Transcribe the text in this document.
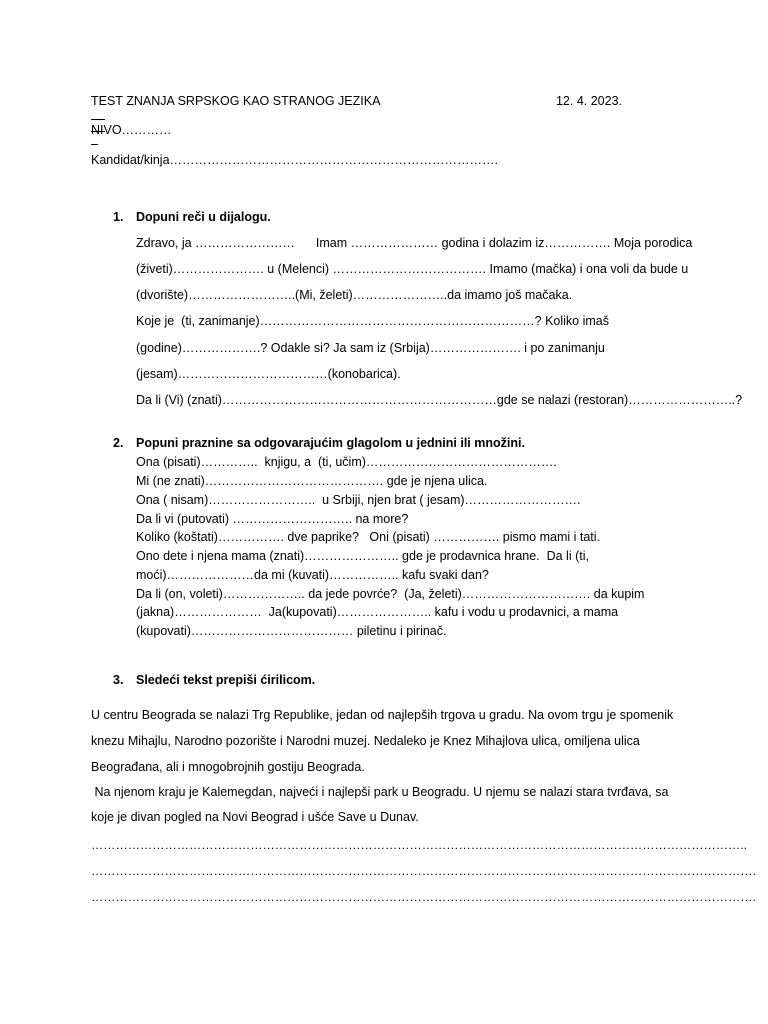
TEST ZNANJA SRPSKOG KAO STRANOG JEZIKA

	12. 4. 2023.

NIVO…………
Kandidat/kinja…………………………………………………………………….
1. Dopuni reči u dijalogu.
Zdravo, ja ……………………      Imam ………………… godina i dolazim iz……………. Moja porodica
(živeti)…………………. u (Melenci) ………………………………. Imamo (mačka) i ona voli da bude u
(dvorište)……………………..(Mi, želeti)…………………..da imamo još mačaka.
Koje je  (ti, zanimanje)…………………………………………………………? Koliko imaš
(godine)……………….? Odakle si? Ja sam iz (Srbija)…………………. i po zanimanju
(jesam)………………………………(konobarica).
Da li (Vi) (znati)…………………………………………………………gde se nalazi (restoran)……………………..?
2. Popuni praznine sa odgovarajućim glagolom u jednini ili množini.
Ona (pisati)…………..  knjigu, a  (ti, učim)……………………………………….
Mi (ne znati)……………………………………. gde je njena ulica.
Ona ( nisam)……………………..  u Srbiji, njen brat ( jesam)……………………….
Da li vi (putovati) ……………………….. na more?
Koliko (koštati)……………. dve paprike?   Oni (pisati) ……………. pismo mami i tati.
Ono dete i njena mama (znati)………………….. gde je prodavnica hrane.  Da li (ti,
moći)…………………da mi (kuvati)…………….. kafu svaki dan?
Da li (on, voleti)……………….. da jede povrće?  (Ja, želeti)…………………………. da kupim
(jakna)…………………  Ja(kupovati)………………….. kafu i vodu u prodavnici, a mama
(kupovati)………………………………… piletinu i pirinač.
3. Sledeći tekst prepiši ćirilicom.
U centru Beograda se nalazi Trg Republike, jedan od najlepših trgova u gradu. Na ovom trgu je spomenik
knezu Mihajlu, Narodno pozorište i Narodni muzej. Nedaleko je Knez Mihajlova ulica, omiljena ulica
Beograđana, ali i mnogobrojnih gostiju Beograda.
Na njenom kraju je Kalemegdan, najveći i najlepši park u Beogradu. U njemu se nalazi stara tvrđava, sa
koje je divan pogled na Novi Beograd i ušće Save u Dunav.
……………………………………………………………………………………………………………………………………………..
……………………………………………………………………………………………………………………………………………….
……………………………………………………………………………………………………………………………………………….
